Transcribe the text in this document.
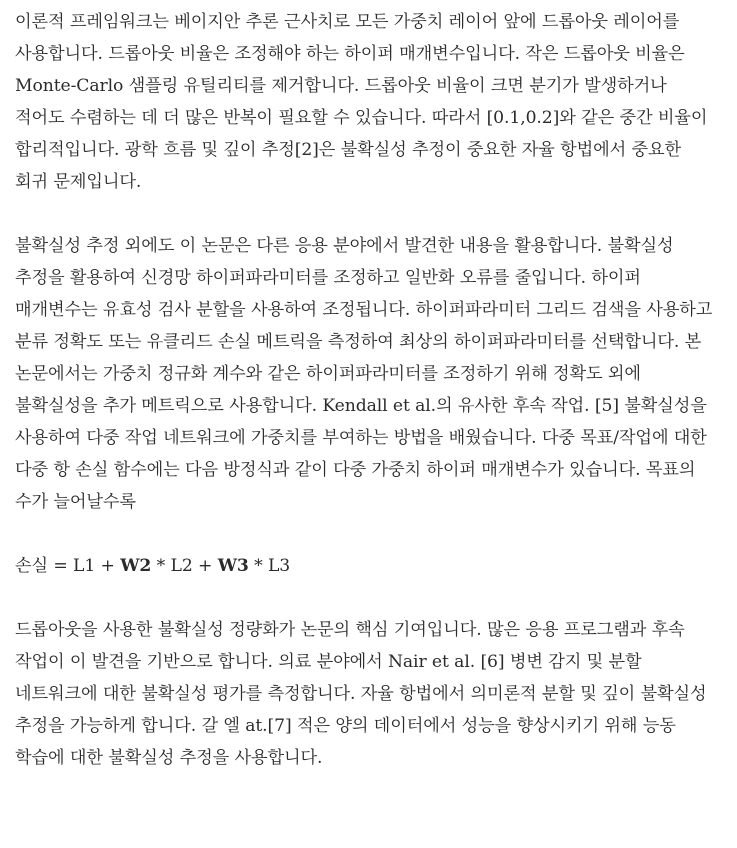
이론적 프레임워크는 베이지안 추론 근사치로 모든 가중치 레이어 앞에 드롭아웃 레이어를 사용합니다. 드롭아웃 비율은 조정해야 하는 하이퍼 매개변수입니다. 작은 드롭아웃 비율은 Monte-Carlo 샘플링 유틸리티를 제거합니다. 드롭아웃 비율이 크면 분기가 발생하거나 적어도 수렴하는 데 더 많은 반복이 필요할 수 있습니다. 따라서 [0.1,0.2]와 같은 중간 비율이 합리적입니다. 광학 흐름 및 깊이 추정[2]은 불확실성 추정이 중요한 자율 항법에서 중요한 회귀 문제입니다.

불확실성 추정 외에도 이 논문은 다른 응용 분야에서 발견한 내용을 활용합니다. 불확실성 추정을 활용하여 신경망 하이퍼파라미터를 조정하고 일반화 오류를 줄입니다. 하이퍼 매개변수는 유효성 검사 분할을 사용하여 조정됩니다. 하이퍼파라미터 그리드 검색을 사용하고 분류 정확도 또는 유클리드 손실 메트릭을 측정하여 최상의 하이퍼파라미터를 선택합니다. 본 논문에서는 가중치 정규화 계수와 같은 하이퍼파라미터를 조정하기 위해 정확도 외에 불확실성을 추가 메트릭으로 사용합니다. Kendall et al.의 유사한 후속 작업. [5] 불확실성을 사용하여 다중 작업 네트워크에 가중치를 부여하는 방법을 배웠습니다. 다중 목표/작업에 대한 다중 항 손실 함수에는 다음 방정식과 같이 다중 가중치 하이퍼 매개변수가 있습니다. 목표의 수가 늘어날수록

손실 = L1 + W2 * L2 + W3 * L3

드롭아웃을 사용한 불확실성 정량화가 논문의 핵심 기여입니다. 많은 응용 프로그램과 후속 작업이 이 발견을 기반으로 합니다. 의료 분야에서 Nair et al. [6] 병변 감지 및 분할 네트워크에 대한 불확실성 평가를 측정합니다. 자율 항법에서 의미론적 분할 및 깊이 불확실성 추정을 가능하게 합니다. 갈 엘 at.[7] 적은 양의 데이터에서 성능을 향상시키기 위해 능동 학습에 대한 불확실성 추정을 사용합니다.
